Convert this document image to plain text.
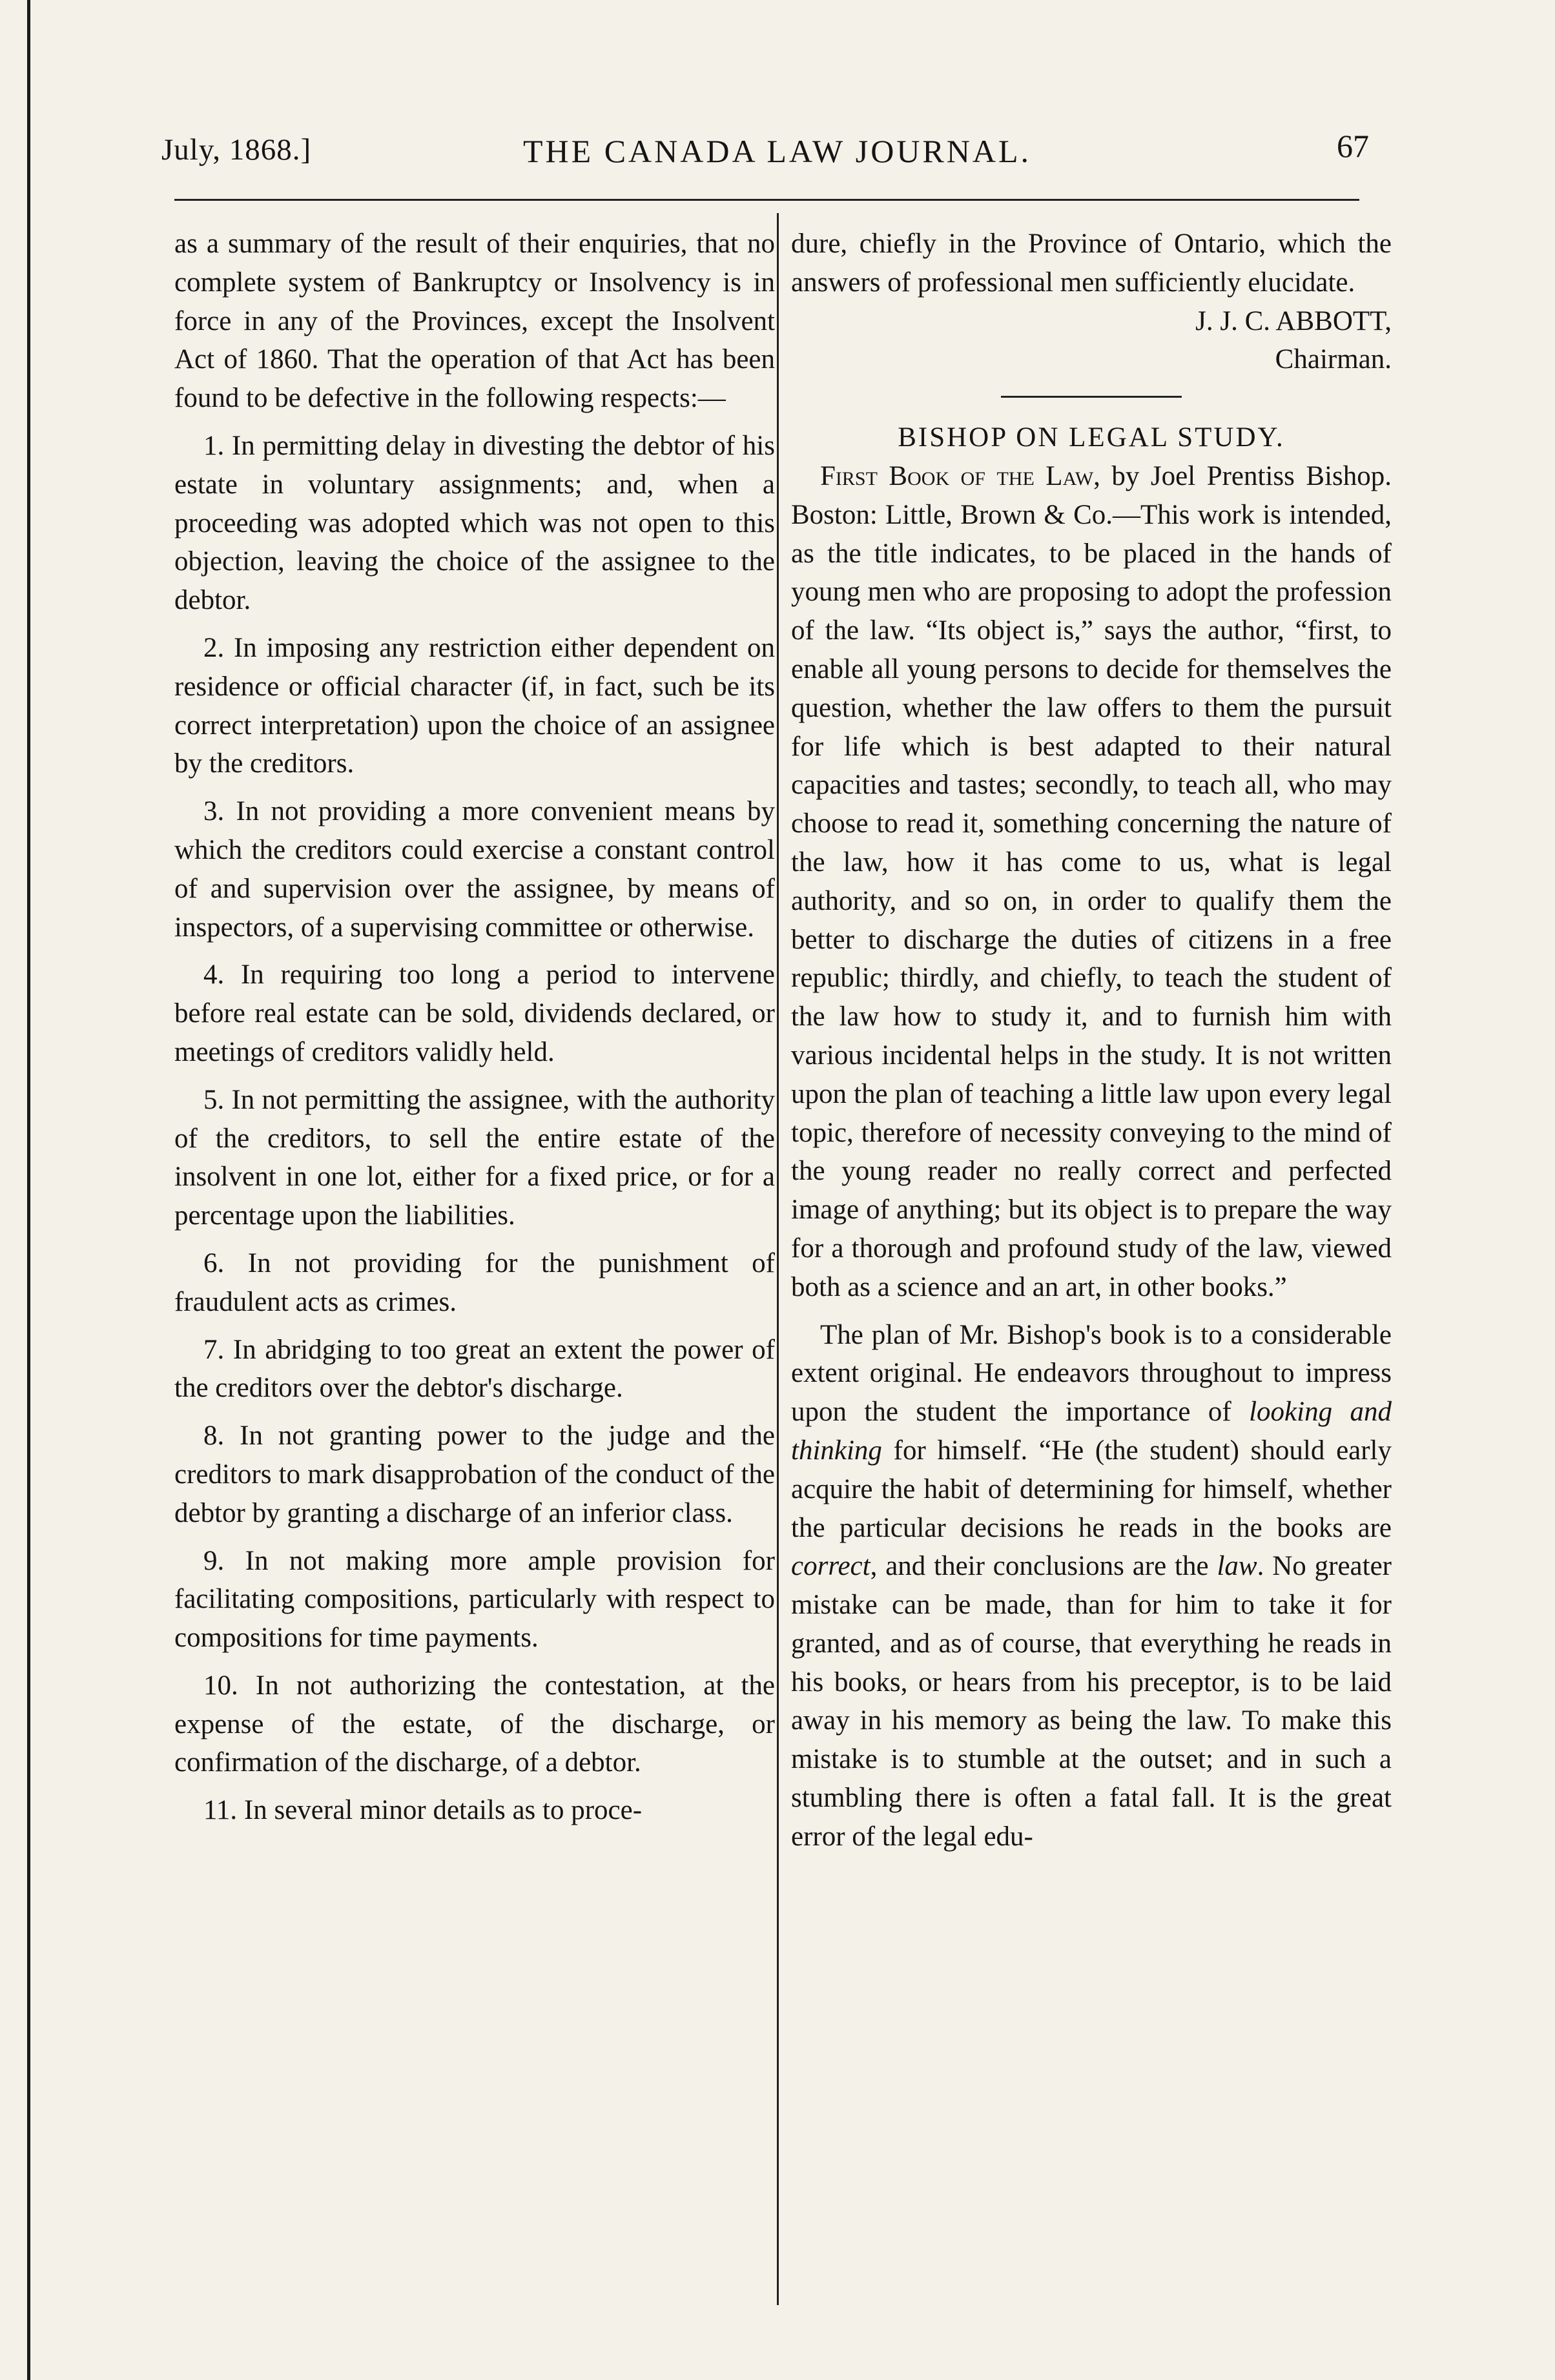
July, 1868.]	THE CANADA LAW JOURNAL.	67

as a summary of the result of their enquiries, that no complete system of Bankruptcy or Insolvency is in force in any of the Provinces, except the Insolvent Act of 1860. That the operation of that Act has been found to be defective in the following respects:—

1. In permitting delay in divesting the debtor of his estate in voluntary assignments; and, when a proceeding was adopted which was not open to this objection, leaving the choice of the assignee to the debtor.

2. In imposing any restriction either dependent on residence or official character (if, in fact, such be its correct interpretation) upon the choice of an assignee by the creditors.

3. In not providing a more convenient means by which the creditors could exercise a constant control of and supervision over the assignee, by means of inspectors, of a supervising committee or otherwise.

4. In requiring too long a period to intervene before real estate can be sold, dividends declared, or meetings of creditors validly held.

5. In not permitting the assignee, with the authority of the creditors, to sell the entire estate of the insolvent in one lot, either for a fixed price, or for a percentage upon the liabilities.

6. In not providing for the punishment of fraudulent acts as crimes.

7. In abridging to too great an extent the power of the creditors over the debtor's discharge.

8. In not granting power to the judge and the creditors to mark disapprobation of the conduct of the debtor by granting a discharge of an inferior class.

9. In not making more ample provision for facilitating compositions, particularly with respect to compositions for time payments.

10. In not authorizing the contestation, at the expense of the estate, of the discharge, or confirmation of the discharge, of a debtor.

11. In several minor details as to proce-

dure, chiefly in the Province of Ontario, which the answers of professional men sufficiently elucidate.

J. J. C. ABBOTT,

Chairman.

BISHOP ON LEGAL STUDY.

First Book of the Law, by Joel Prentiss Bishop. Boston: Little, Brown & Co.—This work is intended, as the title indicates, to be placed in the hands of young men who are proposing to adopt the profession of the law. “Its object is,” says the author, “first, to enable all young persons to decide for themselves the question, whether the law offers to them the pursuit for life which is best adapted to their natural capacities and tastes; secondly, to teach all, who may choose to read it, something concerning the nature of the law, how it has come to us, what is legal authority, and so on, in order to qualify them the better to discharge the duties of citizens in a free republic; thirdly, and chiefly, to teach the student of the law how to study it, and to furnish him with various incidental helps in the study. It is not written upon the plan of teaching a little law upon every legal topic, therefore of necessity conveying to the mind of the young reader no really correct and perfected image of anything; but its object is to prepare the way for a thorough and profound study of the law, viewed both as a science and an art, in other books.”

The plan of Mr. Bishop's book is to a considerable extent original. He endeavors throughout to impress upon the student the importance of looking and thinking for himself. “He (the student) should early acquire the habit of determining for himself, whether the particular decisions he reads in the books are correct, and their conclusions are the law. No greater mistake can be made, than for him to take it for granted, and as of course, that everything he reads in his books, or hears from his preceptor, is to be laid away in his memory as being the law. To make this mistake is to stumble at the outset; and in such a stumbling there is often a fatal fall. It is the great error of the legal edu-
